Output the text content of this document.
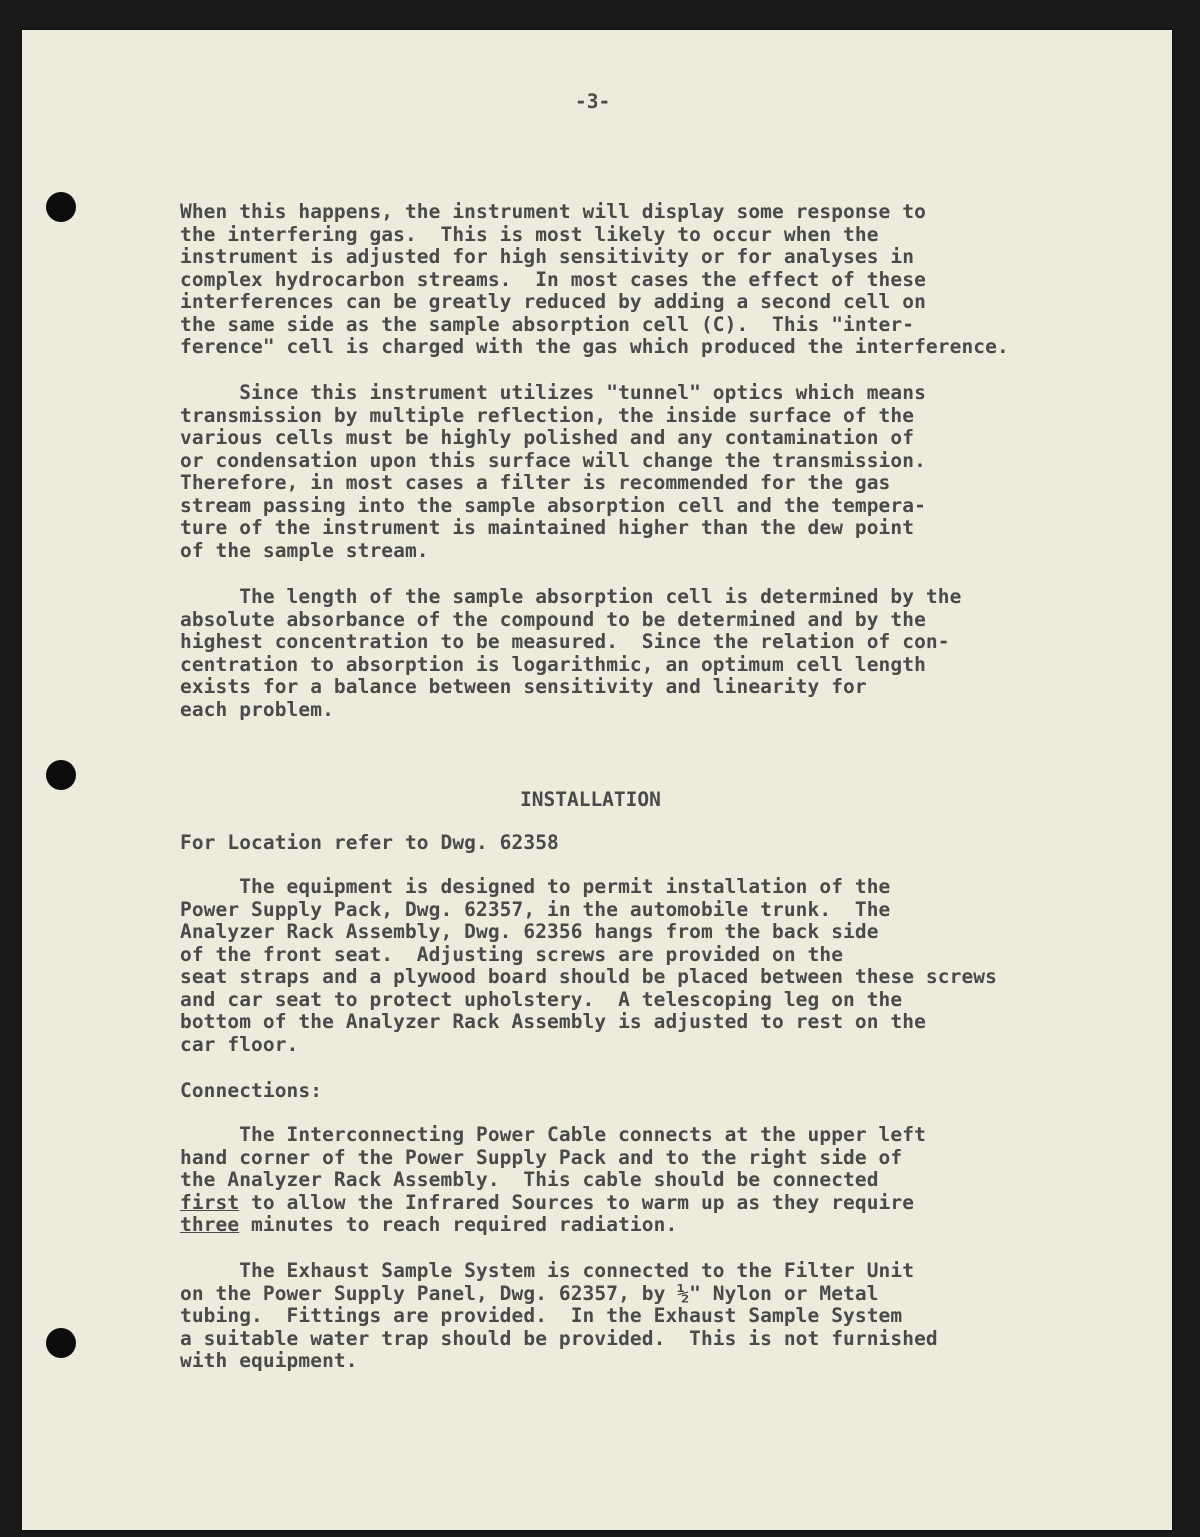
-3-
When this happens, the instrument will display some response to
the interfering gas.  This is most likely to occur when the
instrument is adjusted for high sensitivity or for analyses in
complex hydrocarbon streams.  In most cases the effect of these
interferences can be greatly reduced by adding a second cell on
the same side as the sample absorption cell (C).  This "inter-
ference" cell is charged with the gas which produced the interference.
Since this instrument utilizes "tunnel" optics which means
transmission by multiple reflection, the inside surface of the
various cells must be highly polished and any contamination of
or condensation upon this surface will change the transmission.
Therefore, in most cases a filter is recommended for the gas
stream passing into the sample absorption cell and the tempera-
ture of the instrument is maintained higher than the dew point
of the sample stream.
The length of the sample absorption cell is determined by the
absolute absorbance of the compound to be determined and by the
highest concentration to be measured.  Since the relation of con-
centration to absorption is logarithmic, an optimum cell length
exists for a balance between sensitivity and linearity for
each problem.
For Location refer to Dwg. 62358
The equipment is designed to permit installation of the
Power Supply Pack, Dwg. 62357, in the automobile trunk.  The
Analyzer Rack Assembly, Dwg. 62356 hangs from the back side
of the front seat.  Adjusting screws are provided on the
seat straps and a plywood board should be placed between these screws
and car seat to protect upholstery.  A telescoping leg on the
bottom of the Analyzer Rack Assembly is adjusted to rest on the
car floor.
Connections:
The Interconnecting Power Cable connects at the upper left
hand corner of the Power Supply Pack and to the right side of
the Analyzer Rack Assembly.  This cable should be connected
first to allow the Infrared Sources to warm up as they require
three minutes to reach required radiation.
The Exhaust Sample System is connected to the Filter Unit
on the Power Supply Panel, Dwg. 62357, by ½" Nylon or Metal
tubing.  Fittings are provided.  In the Exhaust Sample System
a suitable water trap should be provided.  This is not furnished
with equipment.
INSTALLATION
